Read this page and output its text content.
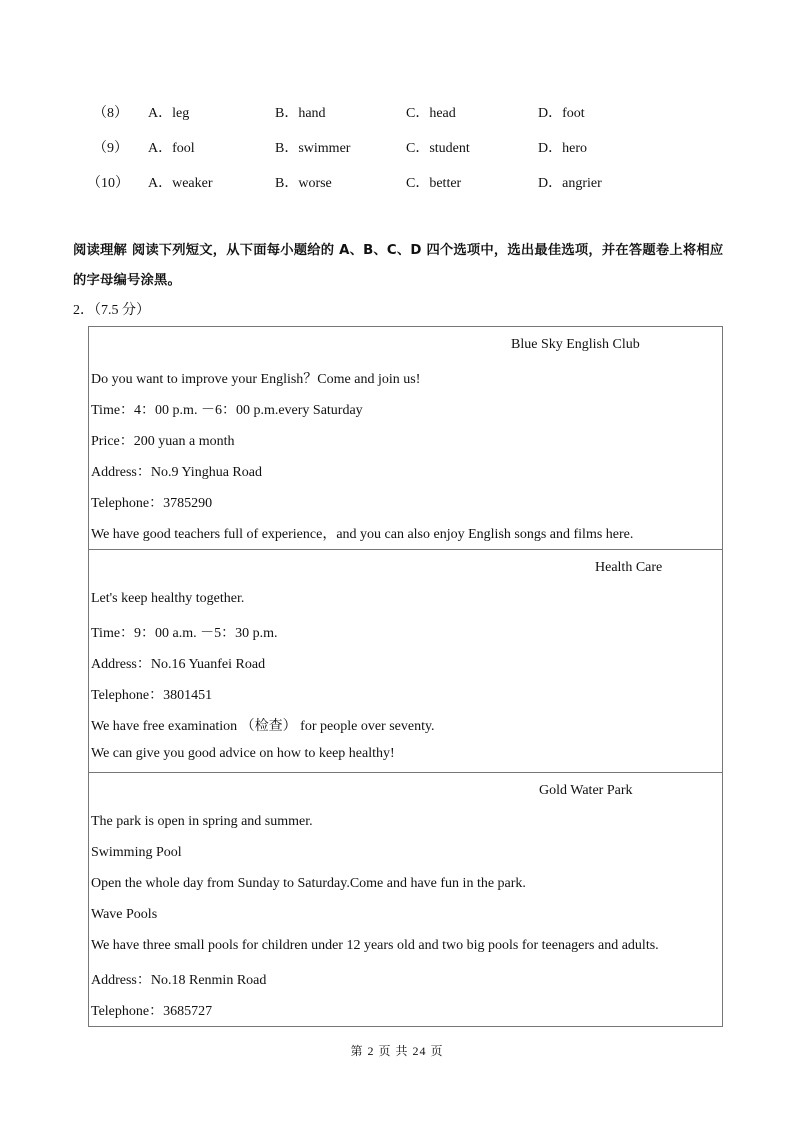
（8） A．leg	B．hand	C．head	D．foot
（9） A．fool	B．swimmer	C．student	D．hero
（10） A．weaker	B．worse	C．better	D．angrier
阅读理解 阅读下列短文，从下面每小题给的 A、B、C、D 四个选项中，选出最佳选项，并在答题卷上将相应的字母编号涂黑。
2．（7.5 分）
Blue Sky English Club
Do you want to improve your English？Come and join us!
Time：4：00 p.m. －6：00 p.m.every Saturday
Price：200 yuan a month
Address：No.9 Yinghua Road
Telephone：3785290
We have good teachers full of experience，and you can also enjoy English songs and films here.
Health Care
Let's keep healthy together.
Time：9：00 a.m. －5：30 p.m.
Address：No.16 Yuanfei Road
Telephone：3801451
We have free examination （检查） for people over seventy.
We can give you good advice on how to keep healthy!
Gold Water Park
The park is open in spring and summer.
Swimming Pool
Open the whole day from Sunday to Saturday.Come and have fun in the park.
Wave Pools
We have three small pools for children under 12 years old and two big pools for teenagers and adults.
Address：No.18 Renmin Road
Telephone：3685727
第 2 页 共 24 页
